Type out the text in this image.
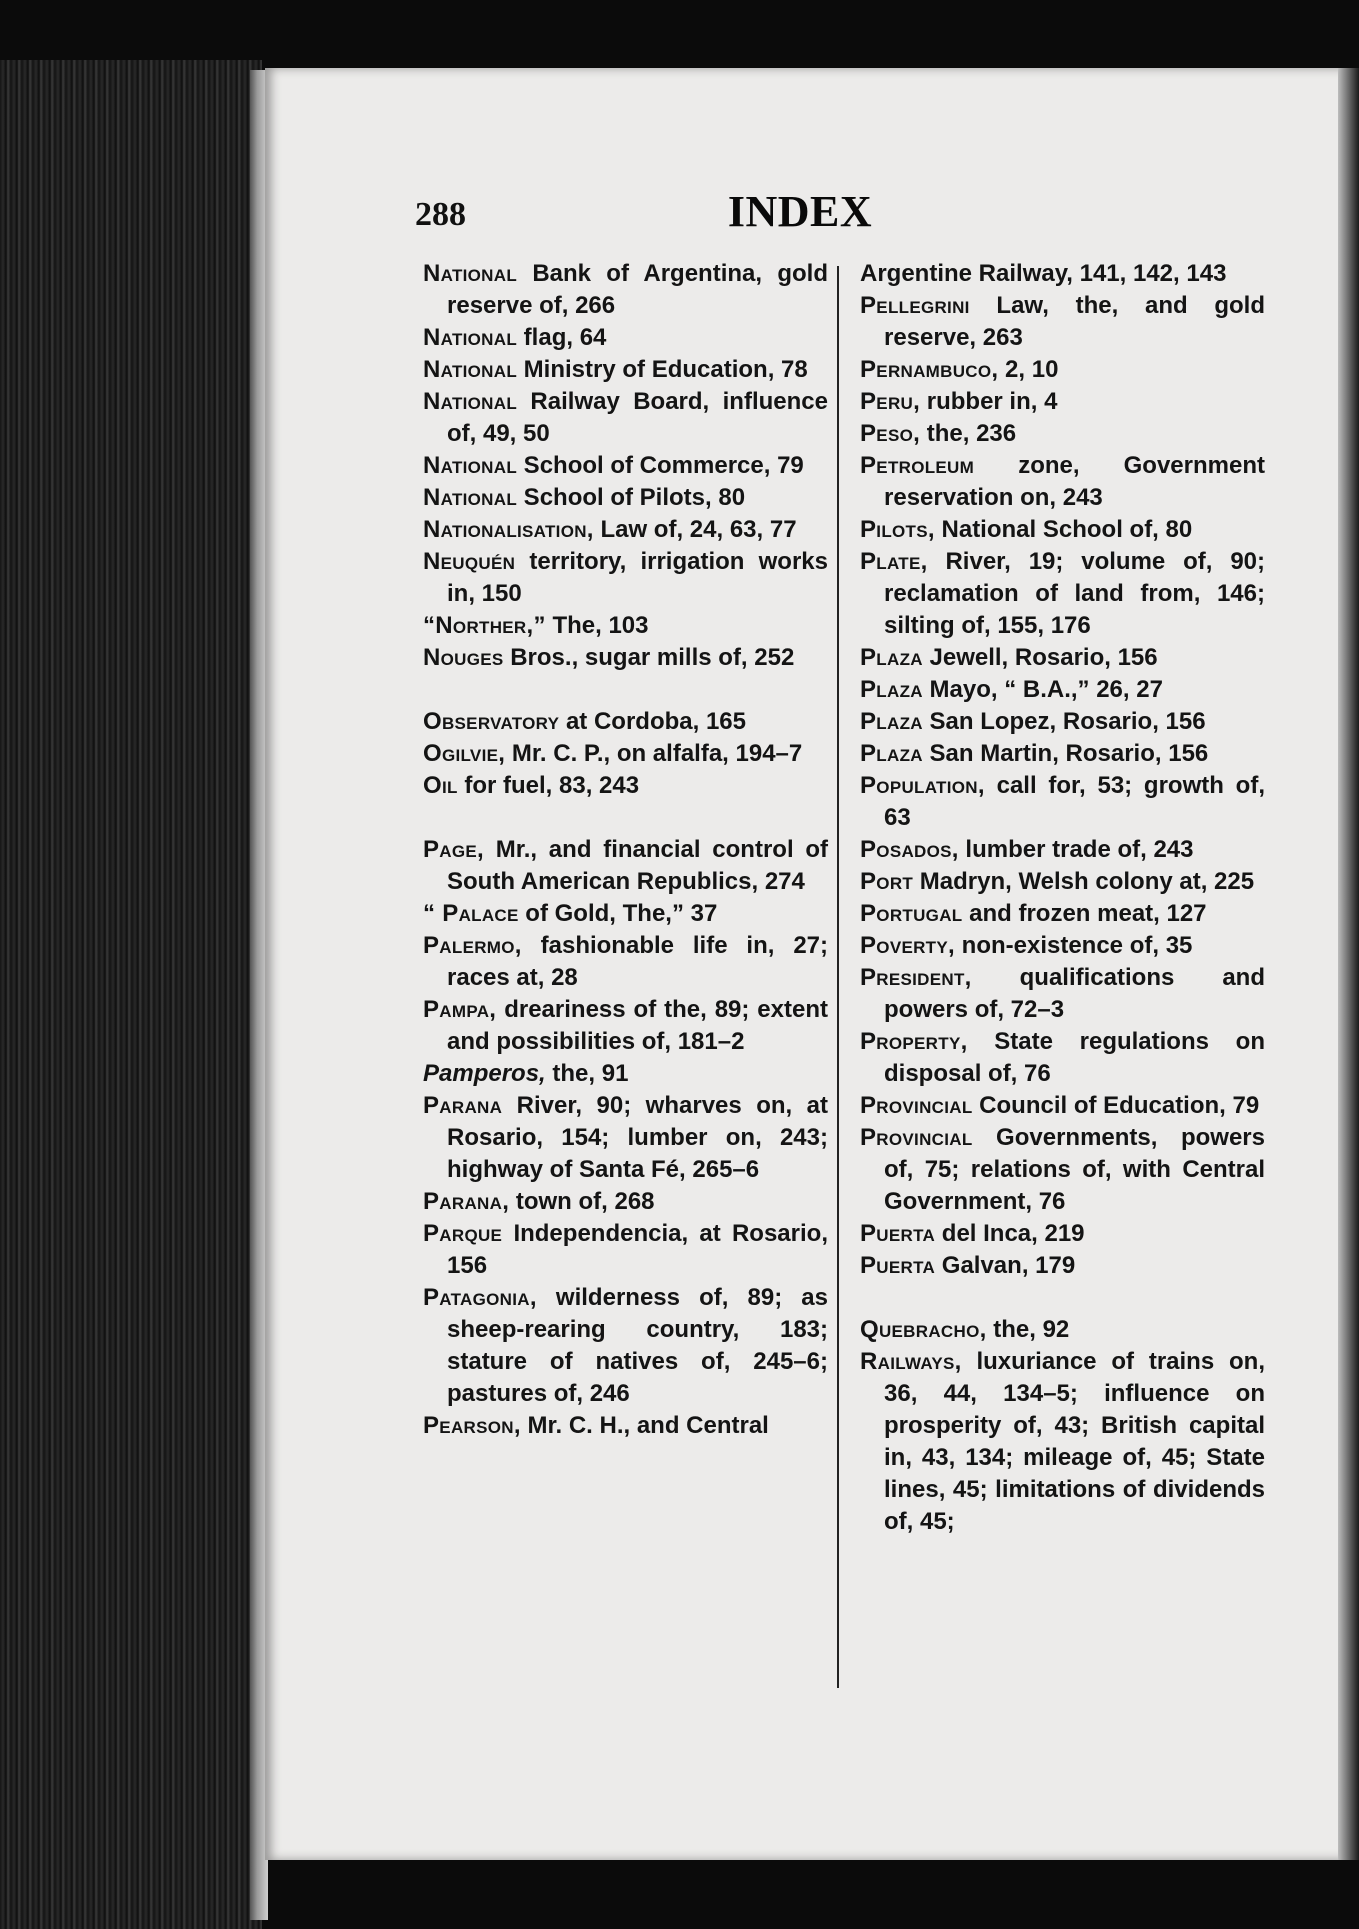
288	INDEX

National Bank of Argentina, gold reserve of, 266

National flag, 64

National Ministry of Education, 78

National Railway Board, influence of, 49, 50

National School of Commerce, 79

National School of Pilots, 80

Nationalisation, Law of, 24, 63, 77

Neuquén territory, irrigation works in, 150

“Norther,” The, 103

Nouges Bros., sugar mills of, 252

Observatory at Cordoba, 165

Ogilvie, Mr. C. P., on alfalfa, 194–7

Oil for fuel, 83, 243

Page, Mr., and financial control of South American Republics, 274

“ Palace of Gold, The,” 37

Palermo, fashionable life in, 27; races at, 28

Pampa, dreariness of the, 89; extent and possibilities of, 181–2

Pamperos, the, 91

Parana River, 90; wharves on, at Rosario, 154; lumber on, 243; highway of Santa Fé, 265–6

Parana, town of, 268

Parque Independencia, at Rosario, 156

Patagonia, wilderness of, 89; as sheep-rearing country, 183; stature of natives of, 245–6; pastures of, 246

Pearson, Mr. C. H., and Central

Argentine Railway, 141, 142, 143

Pellegrini Law, the, and gold reserve, 263

Pernambuco, 2, 10

Peru, rubber in, 4

Peso, the, 236

Petroleum zone, Government reservation on, 243

Pilots, National School of, 80

Plate, River, 19; volume of, 90; reclamation of land from, 146; silting of, 155, 176

Plaza Jewell, Rosario, 156

Plaza Mayo, “ B.A.,” 26, 27

Plaza San Lopez, Rosario, 156

Plaza San Martin, Rosario, 156

Population, call for, 53; growth of, 63

Posados, lumber trade of, 243

Port Madryn, Welsh colony at, 225

Portugal and frozen meat, 127

Poverty, non-existence of, 35

President, qualifications and powers of, 72–3

Property, State regulations on disposal of, 76

Provincial Council of Education, 79

Provincial Governments, powers of, 75; relations of, with Central Government, 76

Puerta del Inca, 219

Puerta Galvan, 179

Quebracho, the, 92

Railways, luxuriance of trains on, 36, 44, 134–5; influence on prosperity of, 43; British capital in, 43, 134; mileage of, 45; State lines, 45; limitations of dividends of, 45;
